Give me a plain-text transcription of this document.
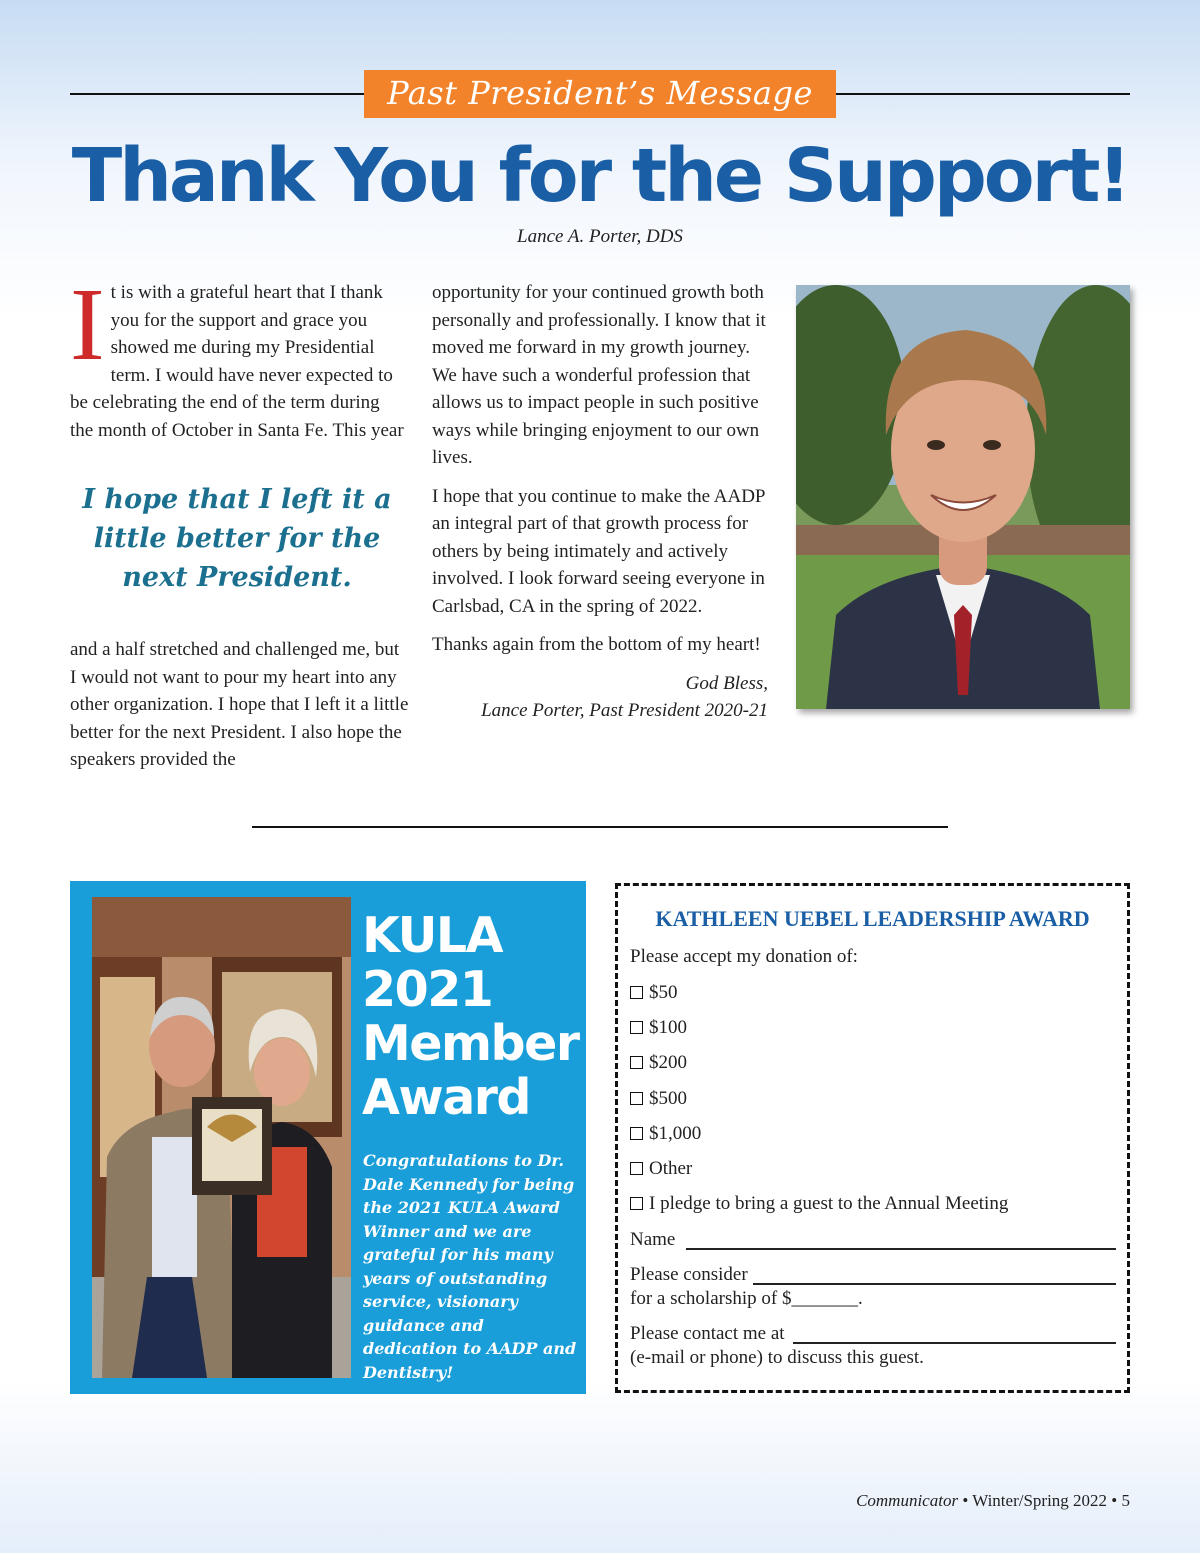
Past President’s Message
Thank You for the Support!
Lance A. Porter, DDS

It is with a grateful heart that I thank you for the support and grace you showed me during my Presidential term. I would have never expected to be celebrating the end of the term during the month of October in Santa Fe. This year

I hope that I left it a little better for the next President.

and a half stretched and challenged me, but I would not want to pour my heart into any other organization. I hope that I left it a little better for the next President. I also hope the speakers provided the

opportunity for your continued growth both personally and professionally. I know that it moved me forward in my growth journey. We have such a wonderful profession that allows us to impact people in such positive ways while bringing enjoyment to our own lives.

I hope that you continue to make the AADP an integral part of that growth process for others by being intimately and actively involved. I look forward seeing everyone in Carlsbad, CA in the spring of 2022.

Thanks again from the bottom of my heart!

God Bless,
Lance Porter, Past President 2020-21
KULA
2021
Member
Award
Congratulations to Dr. Dale Kennedy for being the 2021 KULA Award Winner and we are grateful for his many years of outstanding service, visionary guidance and dedication to AADP and Dentistry!
KATHLEEN UEBEL LEADERSHIP AWARD
Please accept my donation of:
$50
$100
$200
$500
$1,000
Other
I pledge to bring a guest to the Annual Meeting
Name
Please consider
for a scholarship of $_______.
Please contact me at
(e-mail or phone) to discuss this guest.
Communicator • Winter/Spring 2022 • 5
